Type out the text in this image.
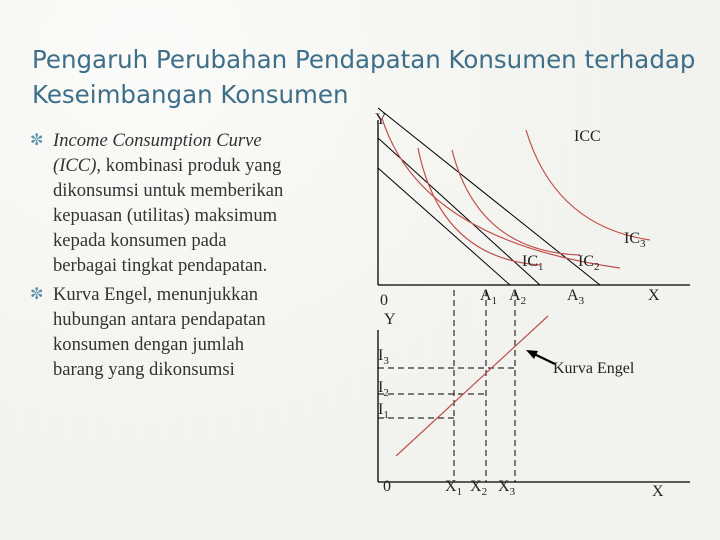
Pengaruh Perubahan Pendapatan Konsumen terhadap
Keseimbangan Konsumen
✼ Income Consumption Curve
(ICC), kombinasi produk yang
dikonsumsi untuk memberikan
kepuasan (utilitas) maksimum
kepada konsumen pada
berbagai tingkat pendapatan.
✼ Kurva Engel, menunjukkan
hubungan antara pendapatan
konsumen dengan jumlah
barang yang dikonsumsi
Y
X
0
ICC
$IC_1$ $IC_2$
$IC_3$
$A_1$ $A_2$	$A_3$
Y
X
0
Kurva Engel
$I_3$
$I_2$
$I_1$
$X_1$ $X_2$ $X_3$
